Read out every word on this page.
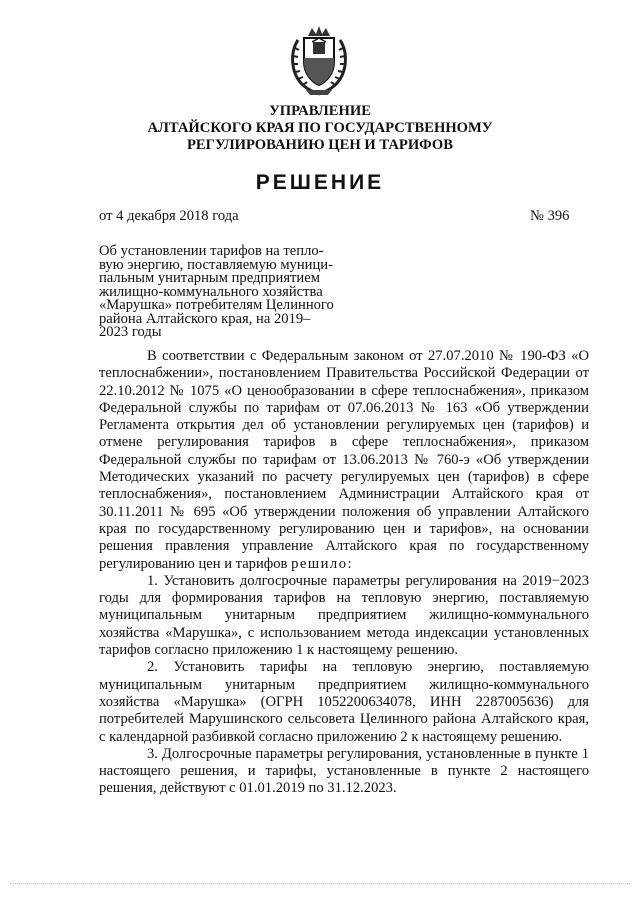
УПРАВЛЕНИЕ
АЛТАЙСКОГО КРАЯ ПО ГОСУДАРСТВЕННОМУ
РЕГУЛИРОВАНИЮ ЦЕН И ТАРИФОВ
РЕШЕНИЕ
от 4 декабря 2018 года	№ 396
Об установлении тарифов на тепло-
вую энергию, поставляемую муници-
пальным унитарным предприятием
жилищно-коммунального хозяйства
«Марушка» потребителям Целинного
района Алтайского края, на 2019–
2023 годы
В соответствии с Федеральным законом от 27.07.2010 № 190-ФЗ «О
теплоснабжении», постановлением Правительства Российской Федерации от
22.10.2012 № 1075 «О ценообразовании в сфере теплоснабжения», приказом
Федеральной службы по тарифам от 07.06.2013 № 163 «Об утверждении
Регламента открытия дел об установлении регулируемых цен (тарифов) и
отмене регулирования тарифов в сфере теплоснабжения», приказом
Федеральной службы по тарифам от 13.06.2013 № 760-э «Об утверждении
Методических указаний по расчету регулируемых цен (тарифов) в сфере
теплоснабжения», постановлением Администрации Алтайского края от
30.11.2011 № 695 «Об утверждении положения об управлении Алтайского
края по государственному регулированию цен и тарифов», на основании
решения правления управление Алтайского края по государственному
регулированию цен и тарифов решило:
1. Установить долгосрочные параметры регулирования на 2019−2023
годы для формирования тарифов на тепловую энергию, поставляемую
муниципальным унитарным предприятием жилищно-коммунального
хозяйства «Марушка», с использованием метода индексации установленных
тарифов согласно приложению 1 к настоящему решению.
2. Установить тарифы на тепловую энергию, поставляемую
муниципальным унитарным предприятием жилищно-коммунального
хозяйства «Марушка» (ОГРН 1052200634078, ИНН 2287005636) для
потребителей Марушинского сельсовета Целинного района Алтайского края,
с календарной разбивкой согласно приложению 2 к настоящему решению.
3. Долгосрочные параметры регулирования, установленные в пункте 1
настоящего решения, и тарифы, установленные в пункте 2 настоящего
решения, действуют с 01.01.2019 по 31.12.2023.
